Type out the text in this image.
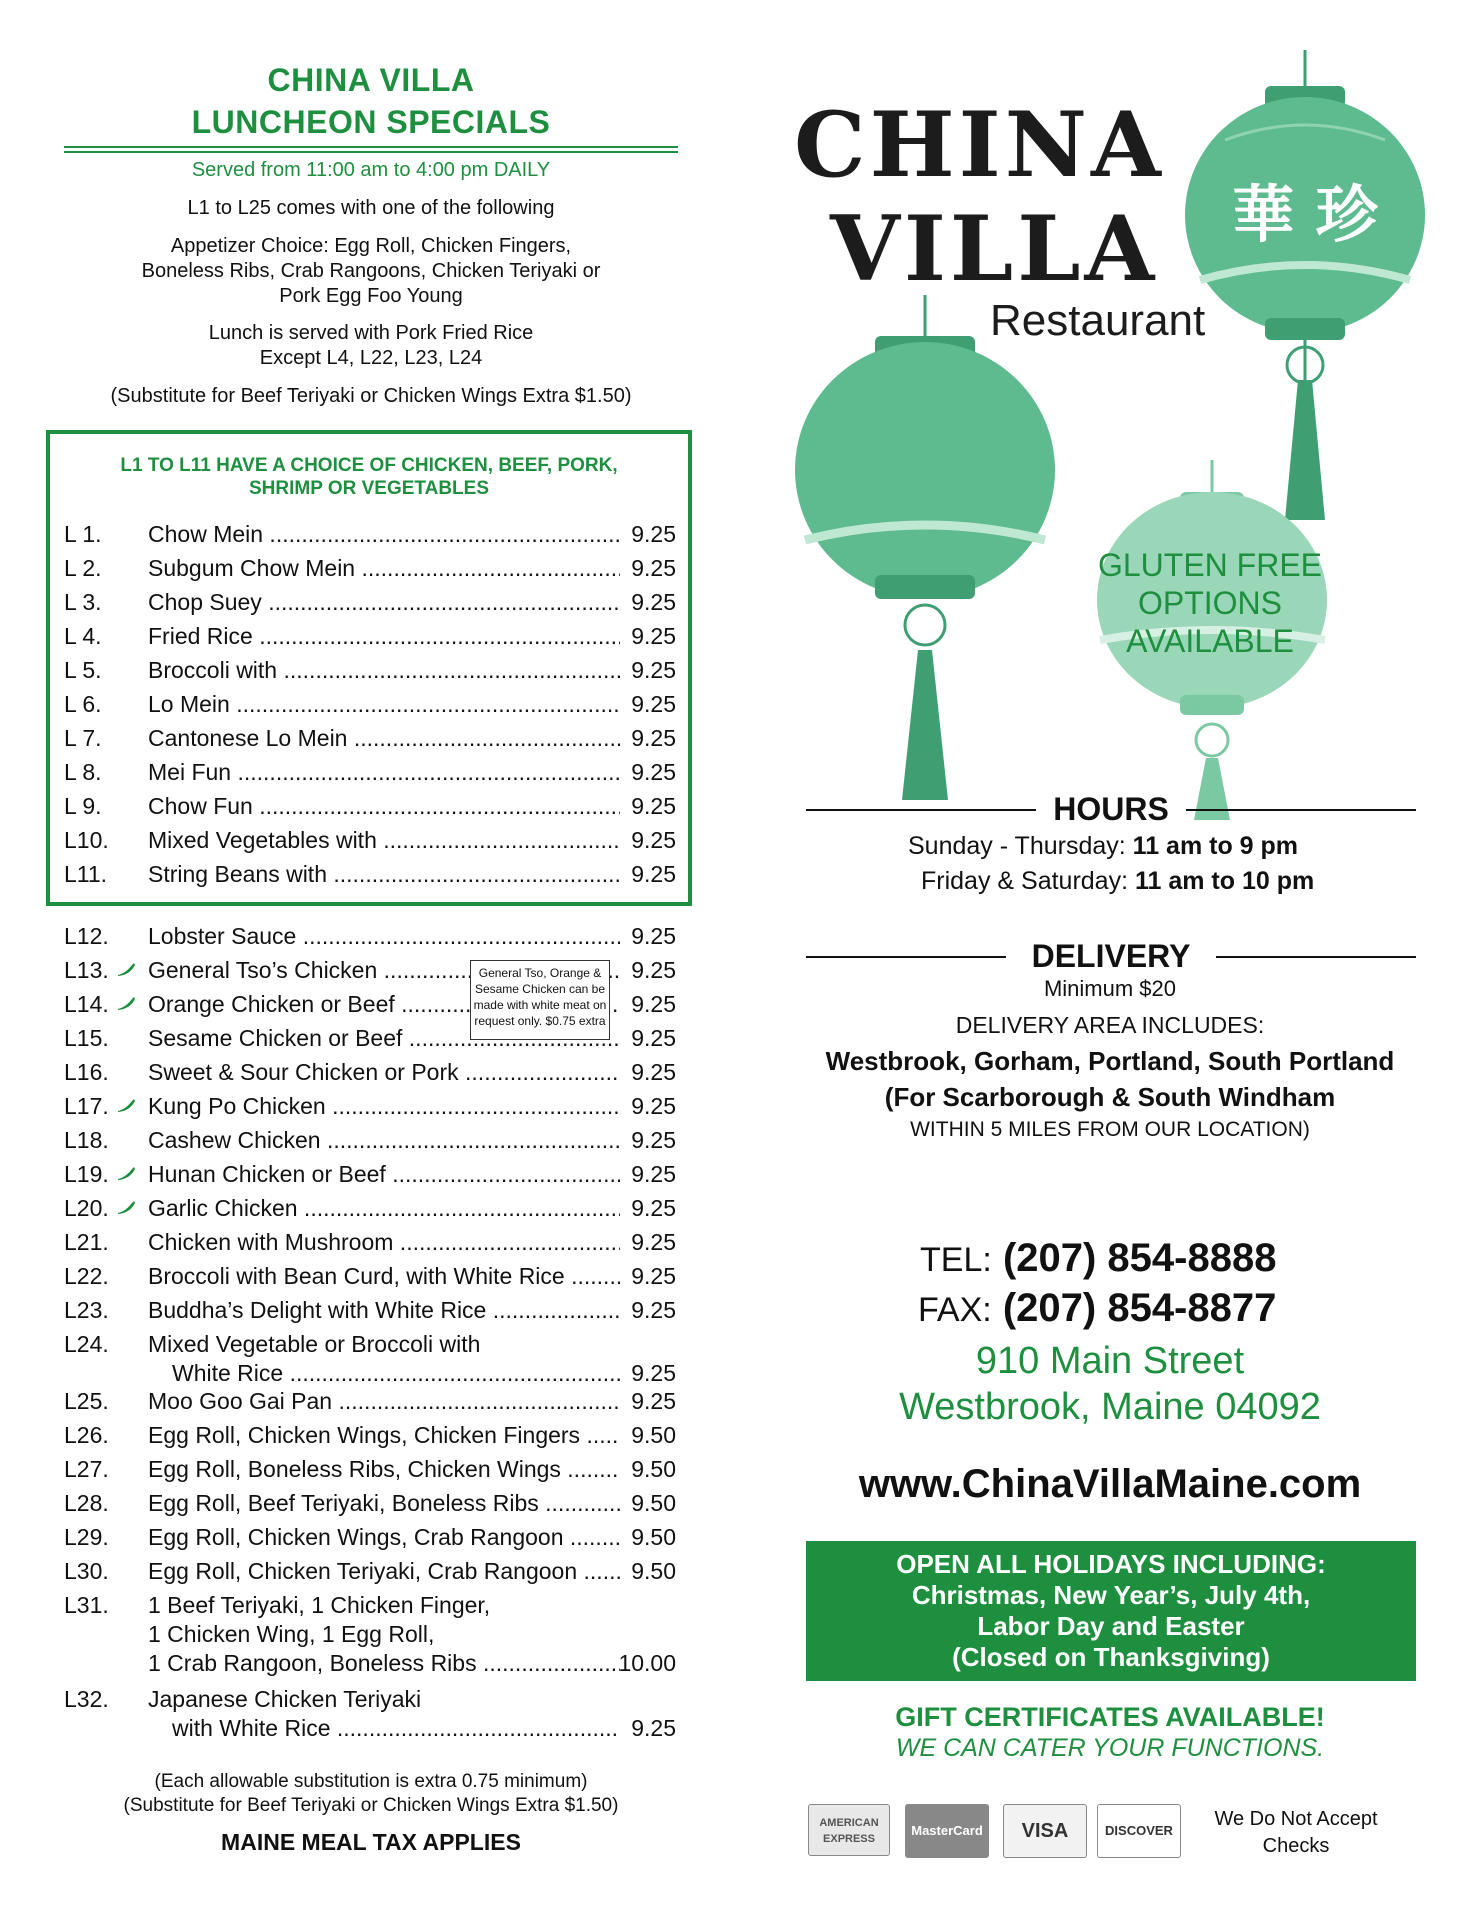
CHINA VILLA
LUNCHEON SPECIALS
Served from 11:00 am to 4:00 pm DAILY
L1 to L25 comes with one of the following
Appetizer Choice: Egg Roll, Chicken Fingers,
Boneless Ribs, Crab Rangoons, Chicken Teriyaki or
Pork Egg Foo Young
Lunch is served with Pork Fried Rice
Except L4, L22, L23, L24
(Substitute for Beef Teriyaki or Chicken Wings Extra $1.50)
L1 TO L11 HAVE A CHOICE OF CHICKEN, BEEF, PORK,
SHRIMP OR VEGETABLES
L 1. Chow Mein .....	9.25
L 2. Subgum Chow Mein .....	9.25
L 3. Chop Suey .....	9.25
L 4. Fried Rice .....	9.25
L 5. Broccoli with .....	9.25
L 6. Lo Mein .....	9.25
L 7. Cantonese Lo Mein .....	9.25
L 8. Mei Fun .....	9.25
L 9. Chow Fun .....	9.25
L10. Mixed Vegetables with .....	9.25
L11. String Beans with .....	9.25
L12. Lobster Sauce .....	9.25
L13. General Tso’s Chicken .....	9.25
L14. Orange Chicken or Beef .....	9.25
L15. Sesame Chicken or Beef .....	9.25
L16. Sweet & Sour Chicken or Pork .....	9.25
L17. Kung Po Chicken .....	9.25
L18. Cashew Chicken .....	9.25
L19. Hunan Chicken or Beef .....	9.25
L20. Garlic Chicken .....	9.25
L21. Chicken with Mushroom .....	9.25
L22. Broccoli with Bean Curd, with White Rice .....	9.25
L23. Buddha’s Delight with White Rice .....	9.25
L24. Mixed Vegetable or Broccoli with
White Rice .....	9.25
L25. Moo Goo Gai Pan .....	9.25
L26. Egg Roll, Chicken Wings, Chicken Fingers .....	9.50
L27. Egg Roll, Boneless Ribs, Chicken Wings .....	9.50
L28. Egg Roll, Beef Teriyaki, Boneless Ribs .....	9.50
L29. Egg Roll, Chicken Wings, Crab Rangoon .....	9.50
L30. Egg Roll, Chicken Teriyaki, Crab Rangoon .....	9.50
L31. 1 Beef Teriyaki, 1 Chicken Finger,
1 Chicken Wing, 1 Egg Roll,
1 Crab Rangoon, Boneless Ribs .....	10.00
L32. Japanese Chicken Teriyaki
with White Rice .....	9.25
General Tso, Orange & Sesame Chicken can be made with white meat on request only. $0.75 extra
(Each allowable substitution is extra 0.75 minimum)
(Substitute for Beef Teriyaki or Chicken Wings Extra $1.50)
MAINE MEAL TAX APPLIES
CHINA
VILLA 華 珍
Restaurant
GLUTEN FREE
OPTIONS AVAILABLE
HOURS
Sunday - Thursday: 11 am to 9 pm
Friday & Saturday: 11 am to 10 pm
DELIVERY
Minimum $20
DELIVERY AREA INCLUDES:
Westbrook, Gorham, Portland, South Portland
(For Scarborough & South Windham
WITHIN 5 MILES FROM OUR LOCATION)
TEL: (207) 854-8888
FAX: (207) 854-8877
910 Main Street
Westbrook, Maine 04092
www.ChinaVillaMaine.com
OPEN ALL HOLIDAYS INCLUDING:
Christmas, New Year’s, July 4th,
Labor Day and Easter
(Closed on Thanksgiving)
GIFT CERTIFICATES AVAILABLE!
WE CAN CATER YOUR FUNCTIONS.
AMERICAN EXPRESS
MasterCard	VISA	DISCOVER
We Do Not Accept
Checks
